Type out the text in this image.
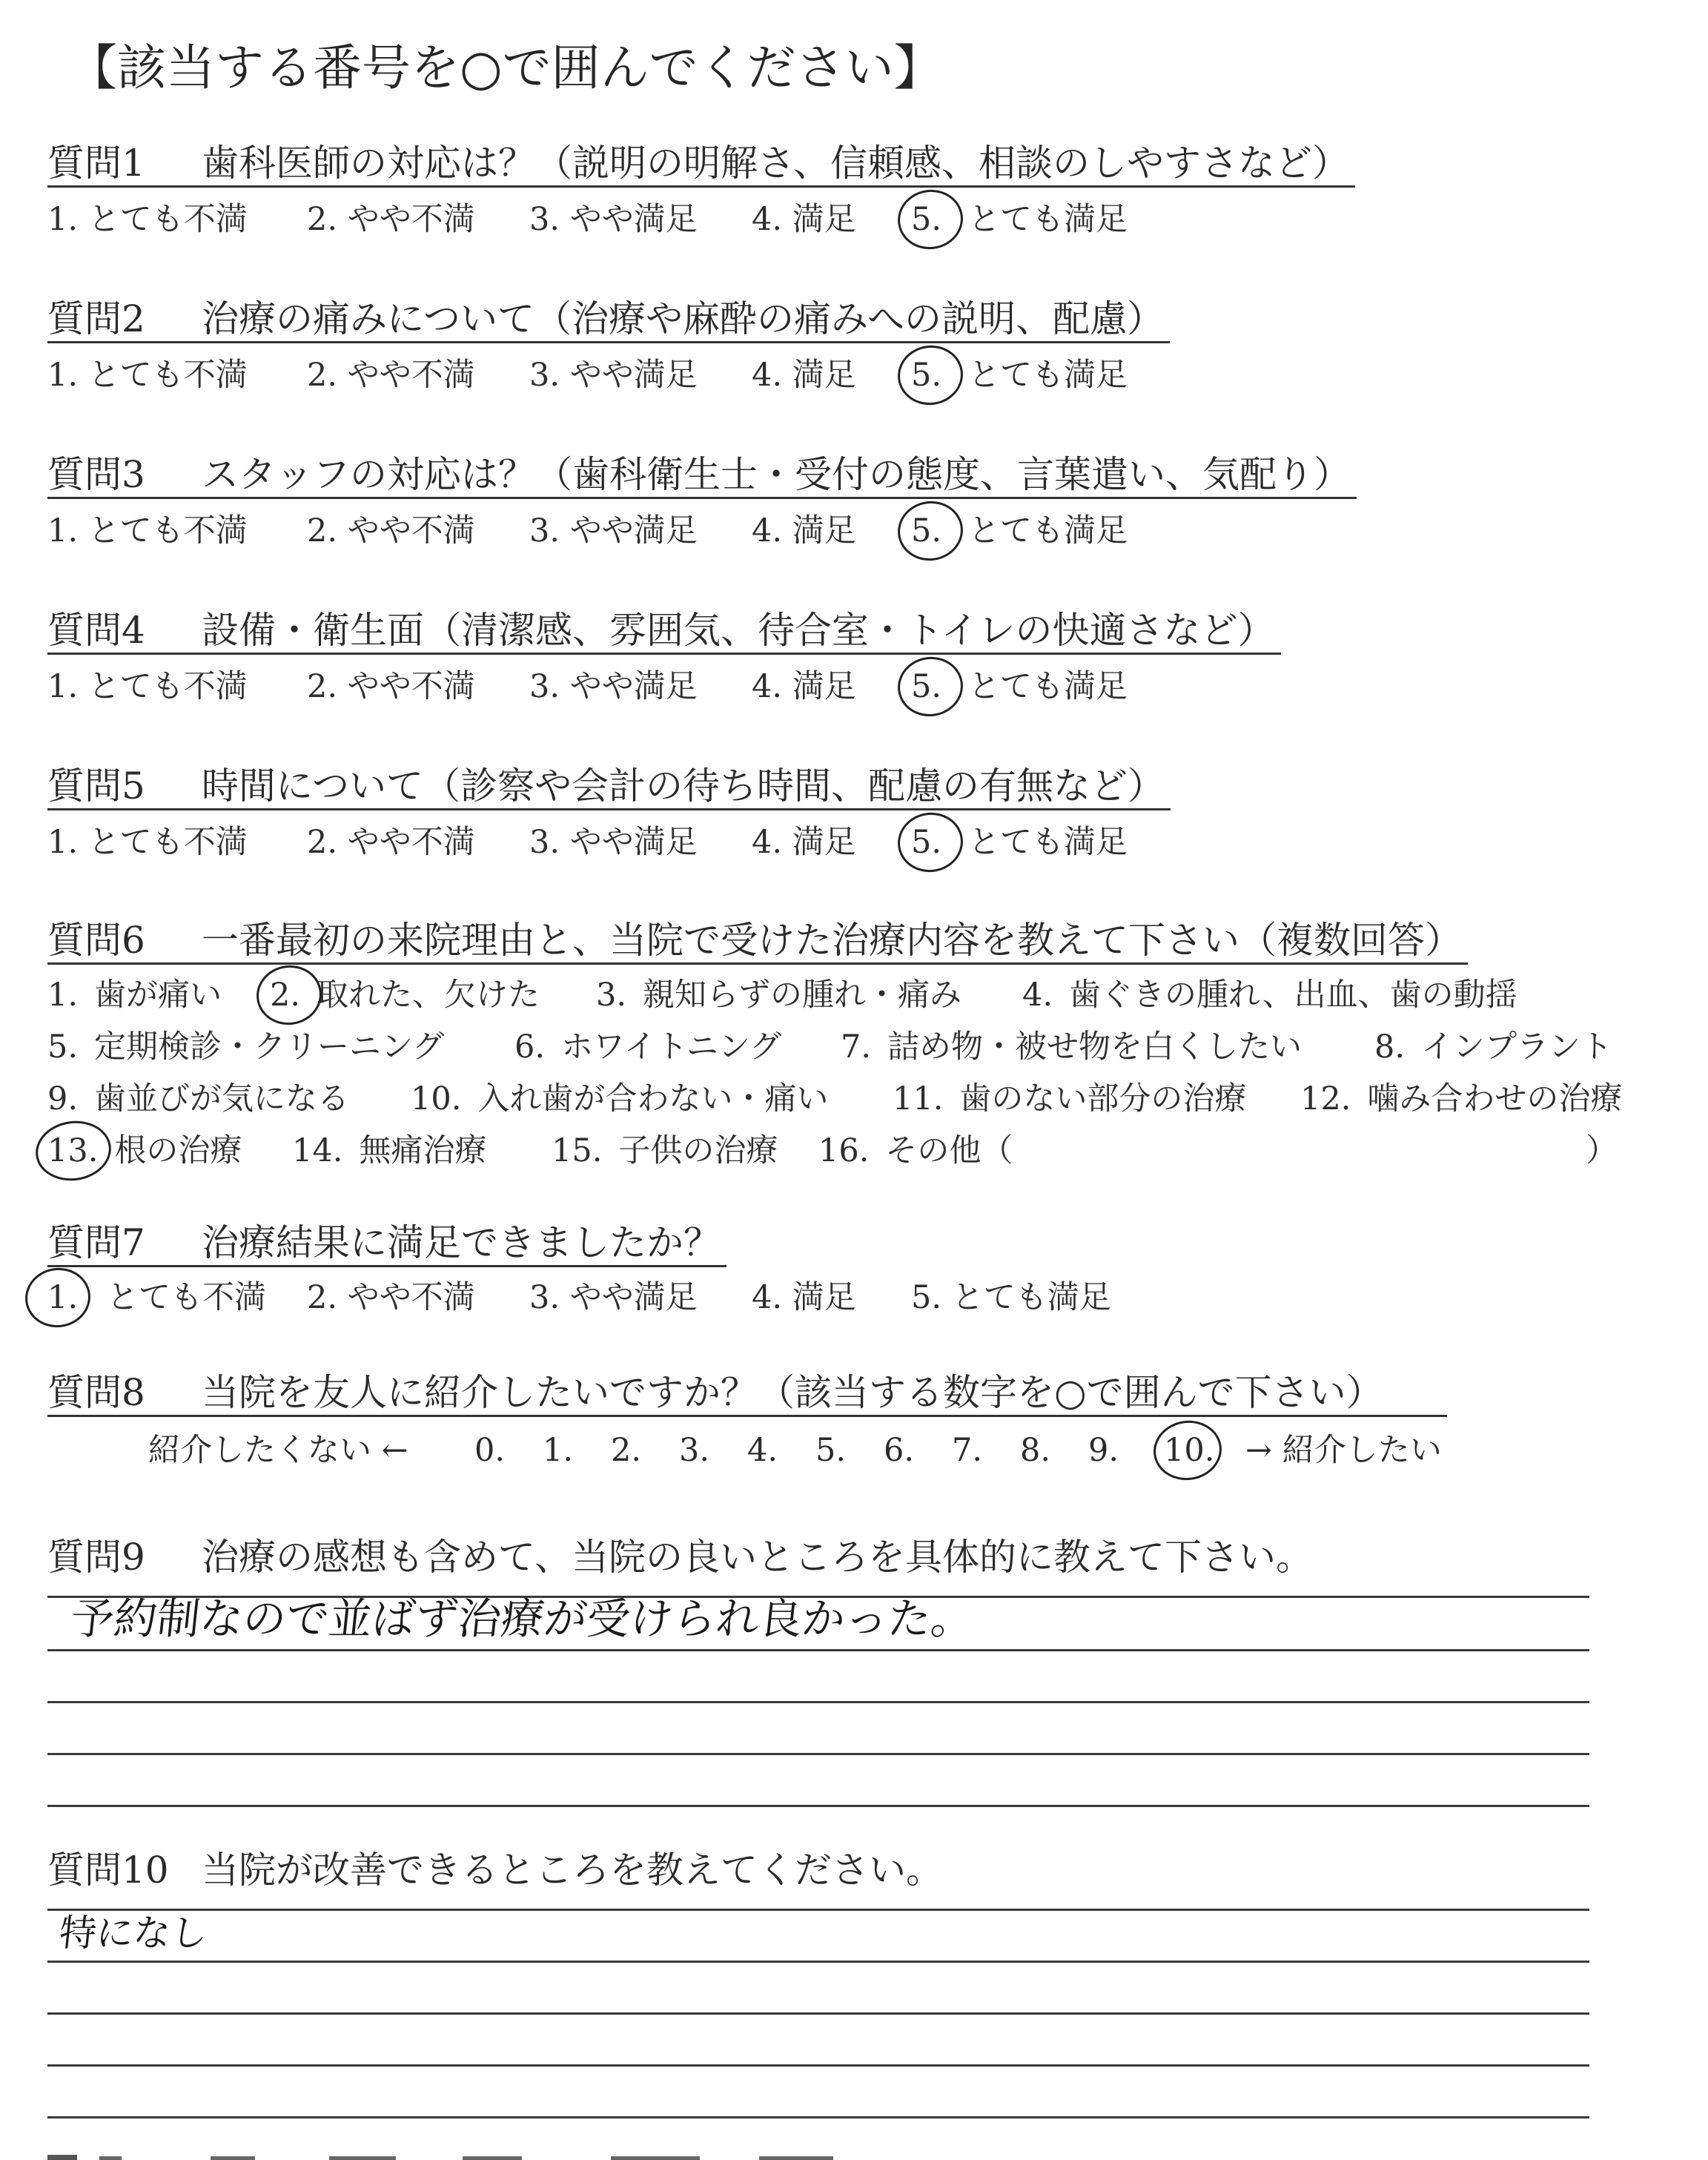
【該当する番号を○で囲んでください】
質問1 歯科医師の対応は？（説明の明解さ、信頼感、相談のしやすさなど）
1. とても不満 2. やや不満 3. やや満足 4. 満足 5. とても満足
質問2 治療の痛みについて（治療や麻酔の痛みへの説明、配慮）
1. とても不満 2. やや不満 3. やや満足 4. 満足 5. とても満足
質問3 スタッフの対応は？（歯科衛生士・受付の態度、言葉遣い、気配り）
1. とても不満 2. やや不満 3. やや満足 4. 満足 5. とても満足
質問4 設備・衛生面（清潔感、雰囲気、待合室・トイレの快適さなど）
1. とても不満 2. やや不満 3. やや満足 4. 満足 5. とても満足
質問5 時間について（診察や会計の待ち時間、配慮の有無など）
1. とても不満 2. やや不満 3. やや満足 4. 満足 5. とても満足
質問6 一番最初の来院理由と、当院で受けた治療内容を教えて下さい（複数回答）
1. 歯が痛い 2. 取れた、欠けた 3. 親知らずの腫れ・痛み 4. 歯ぐきの腫れ、出血、歯の動揺
5. 定期検診・クリーニング 6. ホワイトニング 7. 詰め物・被せ物を白くしたい 8. インプラント
9. 歯並びが気になる 10. 入れ歯が合わない・痛い 11. 歯のない部分の治療 12. 噛み合わせの治療
13. 根の治療 14. 無痛治療 15. 子供の治療 16. その他（	）
質問7 治療結果に満足できましたか？
1. とても不満 2. やや不満 3. やや満足 4. 満足 5. とても満足
質問8 当院を友人に紹介したいですか？（該当する数字を○で囲んで下さい）
紹介したくない ← 0. 1. 2. 3. 4. 5. 6. 7. 8. 9. 10. → 紹介したい
質問9 治療の感想も含めて、当院の良いところを具体的に教えて下さい。
予約制なので並ばず治療が受けられ良かった。
質問10 当院が改善できるところを教えてください。
特になし
